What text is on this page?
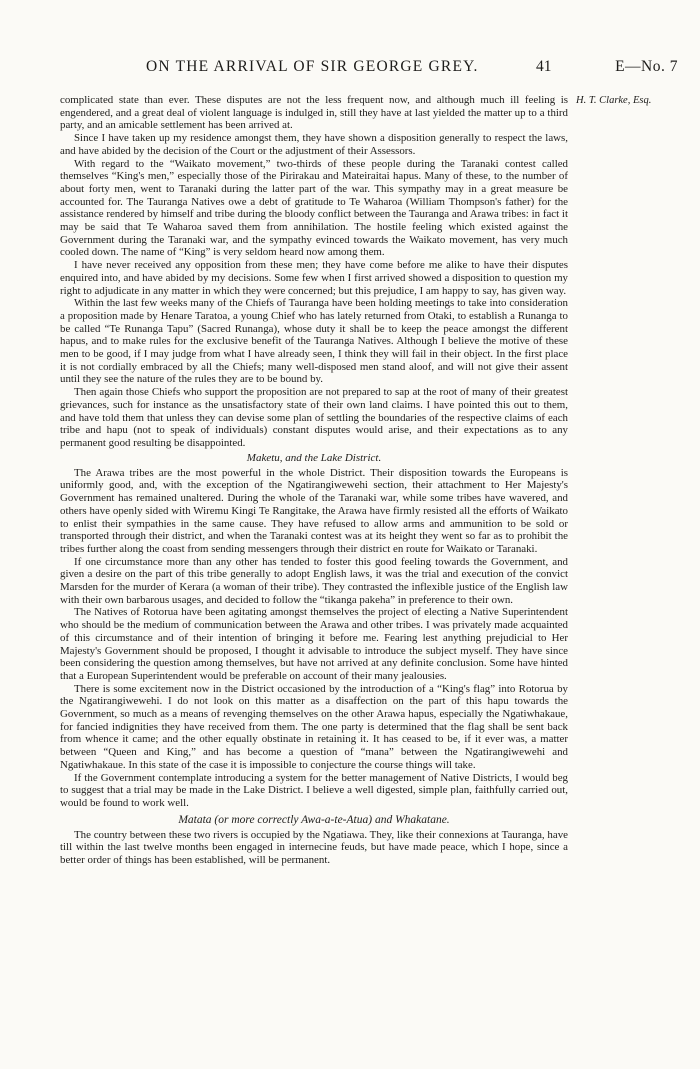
ON THE ARRIVAL OF SIR GEORGE GREY.	41	E—No. 7
H. T. Clarke, Esq.

complicated state than ever. These disputes are not the less frequent now, and although much ill feeling is engendered, and a great deal of violent language is indulged in, still they have at last yielded the matter up to a third party, and an amicable settlement has been arrived at.

Since I have taken up my residence amongst them, they have shown a disposition generally to respect the laws, and have abided by the decision of the Court or the adjustment of their Assessors.

With regard to the “Waikato movement,” two-thirds of these people during the Taranaki contest called themselves “King's men,” especially those of the Pirirakau and Mateiraitai hapus. Many of these, to the number of about forty men, went to Taranaki during the latter part of the war. This sympathy may in a great measure be accounted for. The Tauranga Natives owe a debt of gratitude to Te Waharoa (William Thompson's father) for the assistance rendered by himself and tribe during the bloody conflict between the Tauranga and Arawa tribes: in fact it may be said that Te Waharoa saved them from annihilation. The hostile feeling which existed against the Government during the Taranaki war, and the sympathy evinced towards the Waikato movement, has very much cooled down. The name of “King” is very seldom heard now among them.

I have never received any opposition from these men; they have come before me alike to have their disputes enquired into, and have abided by my decisions. Some few when I first arrived showed a disposition to question my right to adjudicate in any matter in which they were concerned; but this prejudice, I am happy to say, has given way.

Within the last few weeks many of the Chiefs of Tauranga have been holding meetings to take into consideration a proposition made by Henare Taratoa, a young Chief who has lately returned from Otaki, to establish a Runanga to be called “Te Runanga Tapu” (Sacred Runanga), whose duty it shall be to keep the peace amongst the different hapus, and to make rules for the exclusive benefit of the Tauranga Natives. Although I believe the motive of these men to be good, if I may judge from what I have already seen, I think they will fail in their object. In the first place it is not cordially embraced by all the Chiefs; many well-disposed men stand aloof, and will not give their assent until they see the nature of the rules they are to be bound by.

Then again those Chiefs who support the proposition are not prepared to sap at the root of many of their greatest grievances, such for instance as the unsatisfactory state of their own land claims. I have pointed this out to them, and have told them that unless they can devise some plan of settling the boundaries of the respective claims of each tribe and hapu (not to speak of individuals) constant disputes would arise, and their expectations as to any permanent good resulting be disappointed.

Maketu, and the Lake District.

The Arawa tribes are the most powerful in the whole District. Their disposition towards the Europeans is uniformly good, and, with the exception of the Ngatirangiwewehi section, their attachment to Her Majesty's Government has remained unaltered. During the whole of the Taranaki war, while some tribes have wavered, and others have openly sided with Wiremu Kingi Te Rangitake, the Arawa have firmly resisted all the efforts of Waikato to enlist their sympathies in the same cause. They have refused to allow arms and ammunition to be sold or transported through their district, and when the Taranaki contest was at its height they went so far as to prohibit the tribes further along the coast from sending messengers through their district en route for Waikato or Taranaki.

If one circumstance more than any other has tended to foster this good feeling towards the Government, and given a desire on the part of this tribe generally to adopt English laws, it was the trial and execution of the convict Marsden for the murder of Kerara (a woman of their tribe). They contrasted the inflexible justice of the English law with their own barbarous usages, and decided to follow the “tikanga pakeha” in preference to their own.

The Natives of Rotorua have been agitating amongst themselves the project of electing a Native Superintendent who should be the medium of communication between the Arawa and other tribes. I was privately made acquainted of this circumstance and of their intention of bringing it before me. Fearing lest anything prejudicial to Her Majesty's Government should be proposed, I thought it advisable to introduce the subject myself. They have since been considering the question among themselves, but have not arrived at any definite conclusion. Some have hinted that a European Superintendent would be preferable on account of their many jealousies.

There is some excitement now in the District occasioned by the introduction of a “King's flag” into Rotorua by the Ngatirangiwewehi. I do not look on this matter as a disaffection on the part of this hapu towards the Government, so much as a means of revenging themselves on the other Arawa hapus, especially the Ngatiwhakaue, for fancied indignities they have received from them. The one party is determined that the flag shall be sent back from whence it came; and the other equally obstinate in retaining it. It has ceased to be, if it ever was, a matter between “Queen and King,” and has become a question of “mana” between the Ngatirangiwewehi and Ngatiwhakaue. In this state of the case it is impossible to conjecture the course things will take.

If the Government contemplate introducing a system for the better management of Native Districts, I would beg to suggest that a trial may be made in the Lake District. I believe a well digested, simple plan, faithfully carried out, would be found to work well.

Matata (or more correctly Awa-a-te-Atua) and Whakatane.

The country between these two rivers is occupied by the Ngatiawa. They, like their connexions at Tauranga, have till within the last twelve months been engaged in internecine feuds, but have made peace, which I hope, since a better order of things has been established, will be permanent.
